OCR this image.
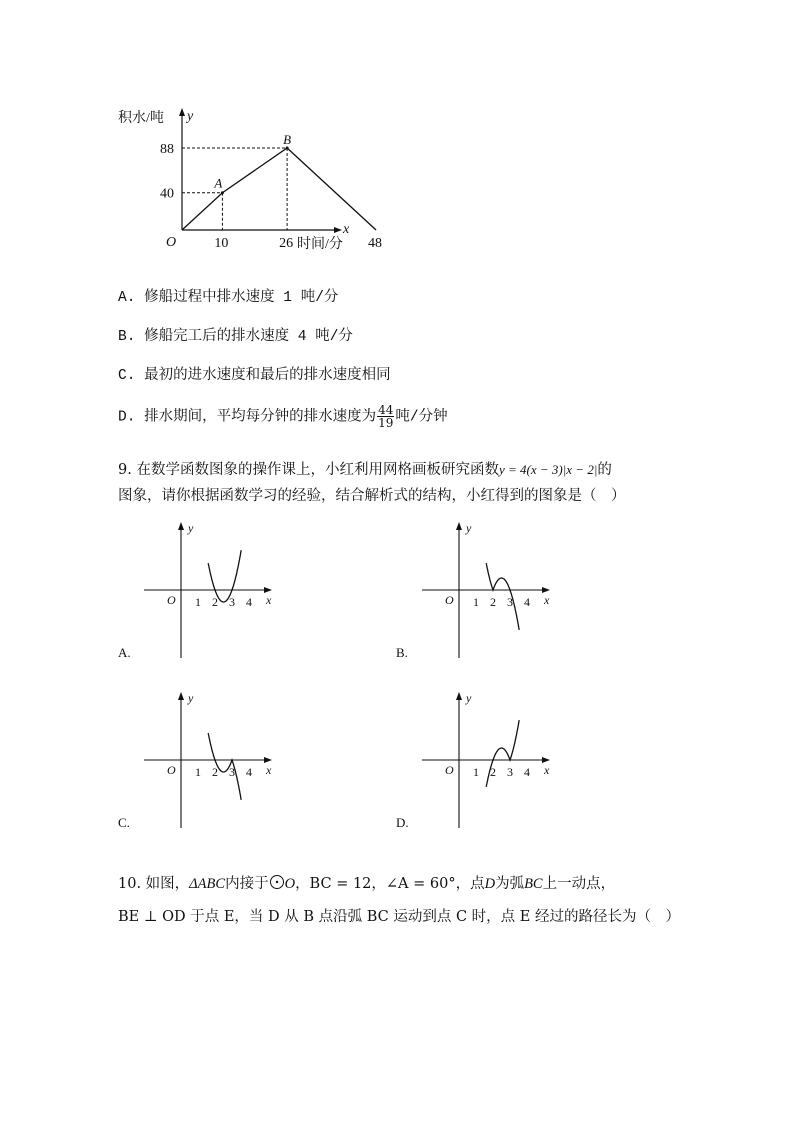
积水/吨 y
x
时间/分
O
A
B
88
40
10	26	48
A. 修船过程中排水速度 1 吨/分
B. 修船完工后的排水速度 4 吨/分
C. 最初的进水速度和最后的排水速度相同
D. 排水期间，平均每分钟的排水速度为 $\frac{44}{19}$ 吨/分钟
9. 在数学函数图象的操作课上，小红利用网格画板研究函数y = 4(x − 3)|x − 2|的
图象，请你根据函数学习的经验，结合解析式的结构，小红得到的图象是（　）
y
x
O 1 2 3 4
A.
y
x
O 1 2 3 4
B.
y
x
O 1 2 3 4
C.
y
x
O 1 2 3 4
D.
10. 如图，ΔABC内接于 O，BC = 12，∠A = 60°，点D为弧BC上一动点，
BE ⊥ OD 于点 E，当 D 从 B 点沿弧 BC 运动到点 C 时，点 E 经过的路径长为（　）
